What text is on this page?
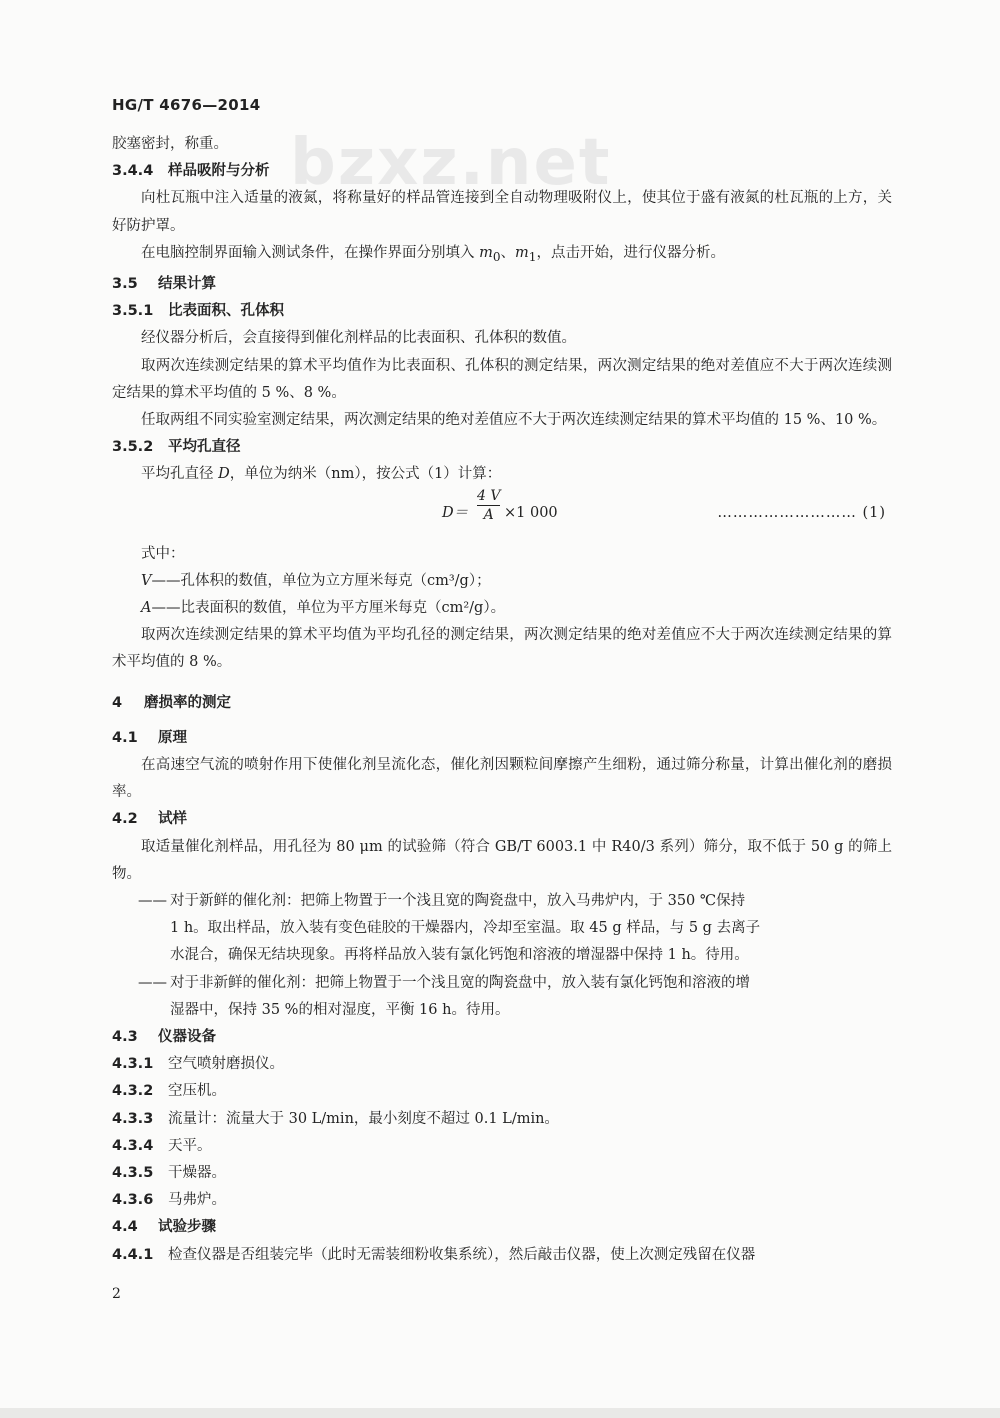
bzxz.net
HG/T 4676—2014

胶塞密封，称重。

3.4.4 样品吸附与分析

向杜瓦瓶中注入适量的液氮，将称量好的样品管连接到全自动物理吸附仪上，使其位于盛有液氮的杜瓦瓶的上方，关好防护罩。

在电脑控制界面输入测试条件，在操作界面分别填入 $m_0$、$m_1$，点击开始，进行仪器分析。

3.5 结果计算

3.5.1 比表面积、孔体积

经仪器分析后，会直接得到催化剂样品的比表面积、孔体积的数值。

取两次连续测定结果的算术平均值作为比表面积、孔体积的测定结果，两次测定结果的绝对差值应不大于两次连续测定结果的算术平均值的 5 %、8 %。

任取两组不同实验室测定结果，两次测定结果的绝对差值应不大于两次连续测定结果的算术平均值的 15 %、10 %。

3.5.2 平均孔直径

平均孔直径 D，单位为纳米（nm），按公式（1）计算：

$D= \frac{4 V}{A} \times 1$ 000	……………………… (1)

式中：

V——孔体积的数值，单位为立方厘米每克（cm³/g）；

A——比表面积的数值，单位为平方厘米每克（cm²/g）。

取两次连续测定结果的算术平均值为平均孔径的测定结果，两次测定结果的绝对差值应不大于两次连续测定结果的算术平均值的 8 %。

4 磨损率的测定

4.1 原理

在高速空气流的喷射作用下使催化剂呈流化态，催化剂因颗粒间摩擦产生细粉，通过筛分称量，计算出催化剂的磨损率。

4.2 试样

取适量催化剂样品，用孔径为 80 μm 的试验筛（符合 GB/T 6003.1 中 R40/3 系列）筛分，取不低于 50 g 的筛上物。

—— 对于新鲜的催化剂：把筛上物置于一个浅且宽的陶瓷盘中，放入马弗炉内，于 350 ℃保持
1 h。取出样品，放入装有变色硅胶的干燥器内，冷却至室温。取 45 g 样品，与 5 g 去离子
水混合，确保无结块现象。再将样品放入装有氯化钙饱和溶液的增湿器中保持 1 h。待用。
—— 对于非新鲜的催化剂：把筛上物置于一个浅且宽的陶瓷盘中，放入装有氯化钙饱和溶液的增
湿器中，保持 35 %的相对湿度，平衡 16 h。待用。

4.3 仪器设备

4.3.1 空气喷射磨损仪。

4.3.2 空压机。

4.3.3 流量计：流量大于 30 L/min，最小刻度不超过 0.1 L/min。

4.3.4 天平。

4.3.5 干燥器。

4.3.6 马弗炉。

4.4 试验步骤

4.4.1 检查仪器是否组装完毕（此时无需装细粉收集系统），然后敲击仪器，使上次测定残留在仪器

2
